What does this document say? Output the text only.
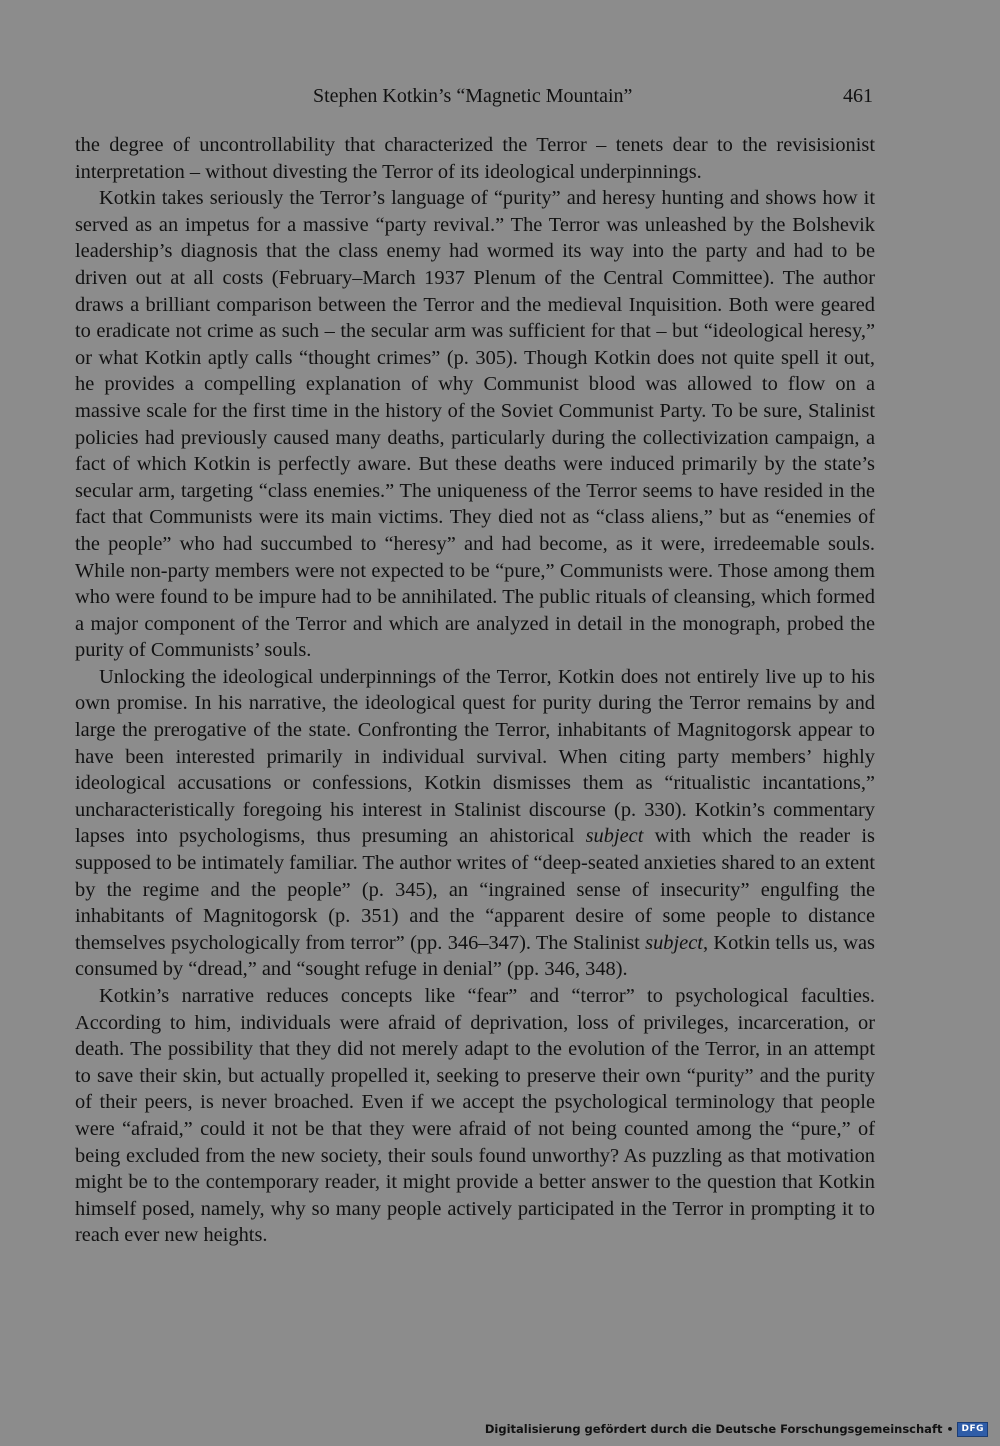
Stephen Kotkin’s “Magnetic Mountain”	461

the degree of uncontrollability that characterized the Terror – tenets dear to the revisisionist interpretation – without divesting the Terror of its ideological underpinnings.

Kotkin takes seriously the Terror’s language of “purity” and heresy hunting and shows how it served as an impetus for a massive “party revival.” The Terror was unleashed by the Bolshevik leadership’s diagnosis that the class enemy had wormed its way into the party and had to be driven out at all costs (February–March 1937 Plenum of the Central Committee). The author draws a brilliant comparison between the Terror and the medieval Inquisition. Both were geared to eradicate not crime as such – the secular arm was sufficient for that – but “ideological heresy,” or what Kotkin aptly calls “thought crimes” (p. 305). Though Kotkin does not quite spell it out, he provides a compelling explanation of why Communist blood was allowed to flow on a massive scale for the first time in the history of the Soviet Communist Party. To be sure, Stalinist policies had previously caused many deaths, particularly during the collectivization campaign, a fact of which Kotkin is perfectly aware. But these deaths were induced primarily by the state’s secular arm, targeting “class enemies.” The uniqueness of the Terror seems to have resided in the fact that Communists were its main victims. They died not as “class aliens,” but as “enemies of the people” who had succumbed to “heresy” and had become, as it were, irredeemable souls. While non-party members were not expected to be “pure,” Communists were. Those among them who were found to be impure had to be annihilated. The public rituals of cleansing, which formed a major component of the Terror and which are analyzed in detail in the monograph, probed the purity of Communists’ souls.

Unlocking the ideological underpinnings of the Terror, Kotkin does not entirely live up to his own promise. In his narrative, the ideological quest for purity during the Terror remains by and large the prerogative of the state. Confronting the Terror, inhabitants of Magnitogorsk appear to have been interested primarily in individual survival. When citing party members’ highly ideological accusations or confessions, Kotkin dismisses them as “ritualistic incantations,” uncharacteristically foregoing his interest in Stalinist discourse (p. 330). Kotkin’s commentary lapses into psychologisms, thus presuming an ahistorical subject with which the reader is supposed to be intimately familiar. The author writes of “deep-seated anxieties shared to an extent by the regime and the people” (p. 345), an “ingrained sense of insecurity” engulfing the inhabitants of Magnitogorsk (p. 351) and the “apparent desire of some people to distance themselves psychologically from terror” (pp. 346–347). The Stalinist subject, Kotkin tells us, was consumed by “dread,” and “sought refuge in denial” (pp. 346, 348).

Kotkin’s narrative reduces concepts like “fear” and “terror” to psychological faculties. According to him, individuals were afraid of deprivation, loss of privileges, incarceration, or death. The possibility that they did not merely adapt to the evolution of the Terror, in an attempt to save their skin, but actually propelled it, seeking to preserve their own “purity” and the purity of their peers, is never broached. Even if we accept the psychological terminology that people were “afraid,” could it not be that they were afraid of not being counted among the “pure,” of being excluded from the new society, their souls found unworthy? As puzzling as that motivation might be to the contemporary reader, it might provide a better answer to the question that Kotkin himself posed, namely, why so many people actively participated in the Terror in prompting it to reach ever new heights.

Digitalisierung gefördert durch die Deutsche Forschungsgemeinschaft • DFG
